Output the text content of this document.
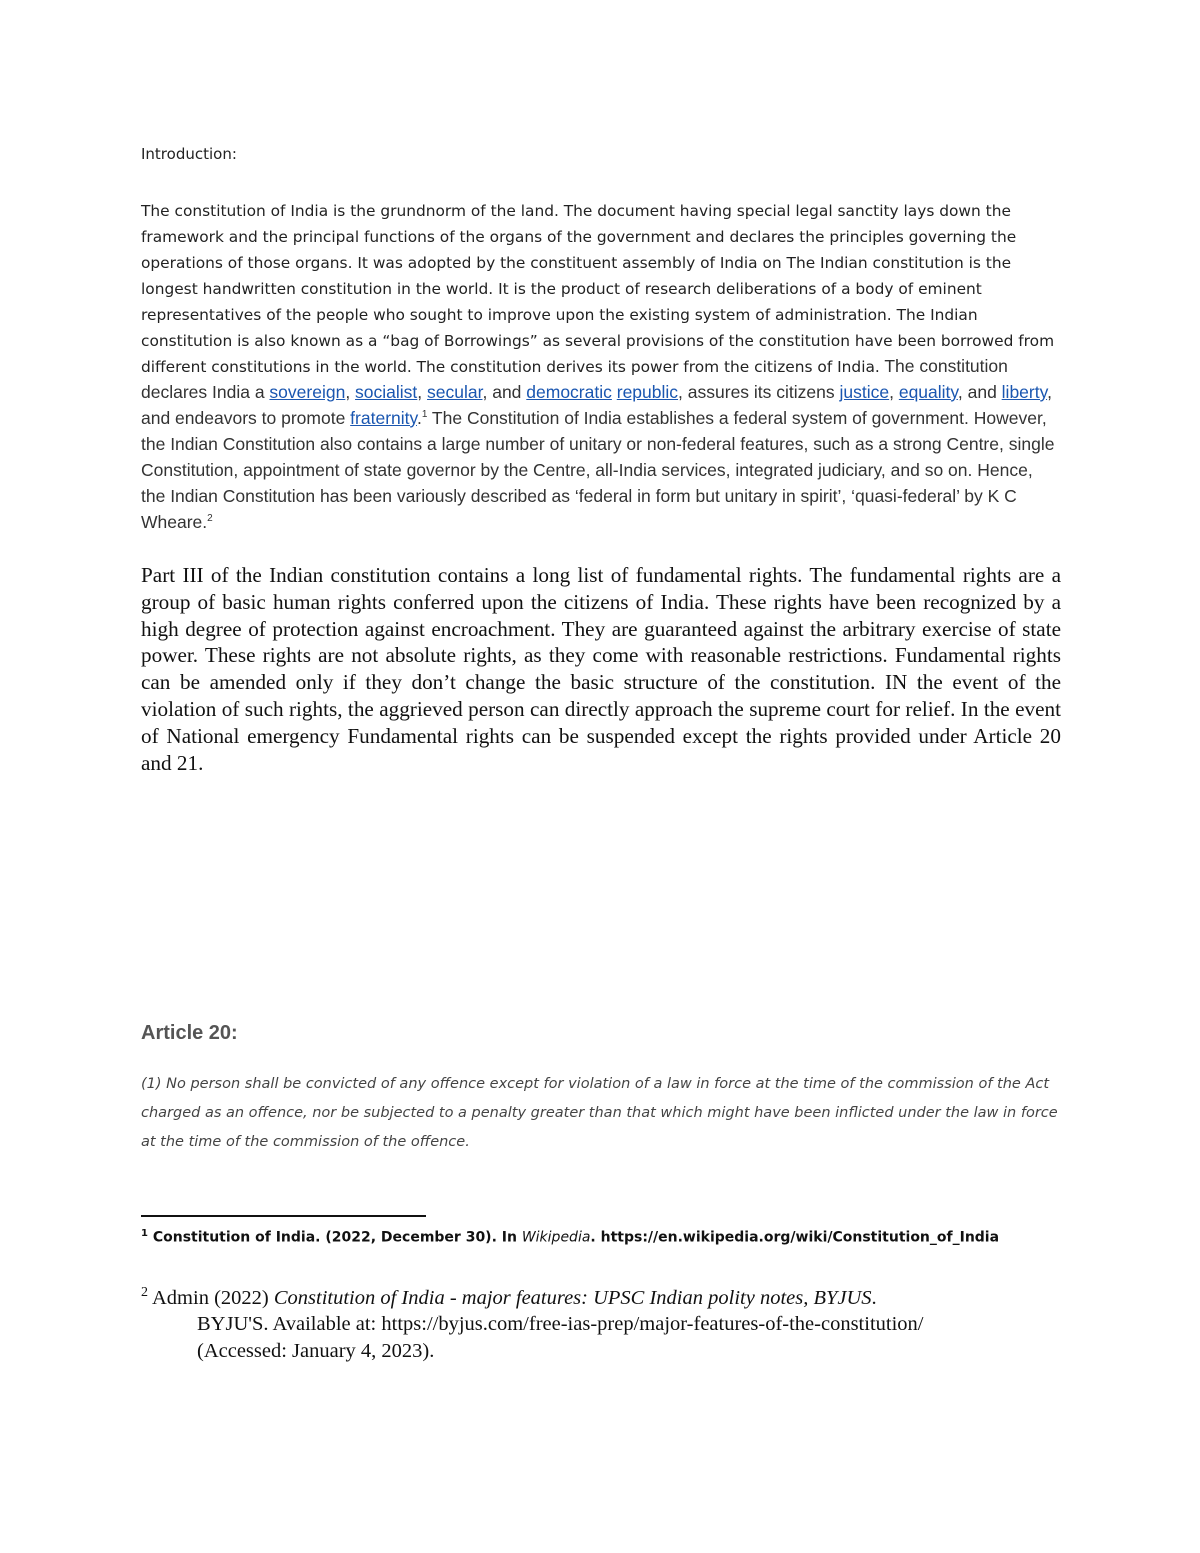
Introduction:
The constitution of India is the grundnorm of the land. The document having special legal sanctity lays down the framework and the principal functions of the organs of the government and declares the principles governing the operations of those organs. It was adopted by the constituent assembly of India on The Indian constitution is the longest handwritten constitution in the world. It is the product of research deliberations of a body of eminent representatives of the people who sought to improve upon the existing system of administration. The Indian constitution is also known as a “bag of Borrowings” as several provisions of the constitution have been borrowed from different constitutions in the world. The constitution derives its power from the citizens of India. The constitution declares India a sovereign, socialist, secular, and democratic republic, assures its citizens justice, equality, and liberty, and endeavors to promote fraternity.$^1$ The Constitution of India establishes a federal system of government. However, the Indian Constitution also contains a large number of unitary or non-federal features, such as a strong Centre, single Constitution, appointment of state governor by the Centre, all-India services, integrated judiciary, and so on. Hence, the Indian Constitution has been variously described as ‘federal in form but unitary in spirit’, ‘quasi-federal’ by K C Wheare.$^2$
Part III of the Indian constitution contains a long list of fundamental rights. The fundamental rights are a group of basic human rights conferred upon the citizens of India. These rights have been recognized by a high degree of protection against encroachment. They are guaranteed against the arbitrary exercise of state power. These rights are not absolute rights, as they come with reasonable restrictions. Fundamental rights can be amended only if they don’t change the basic structure of the constitution. IN the event of the violation of such rights, the aggrieved person can directly approach the supreme court for relief. In the event of National emergency Fundamental rights can be suspended except the rights provided under Article 20 and 21.
Article 20:
(1) No person shall be convicted of any offence except for violation of a law in force at the time of the commission of the Act charged as an offence, nor be subjected to a penalty greater than that which might have been inflicted under the law in force at the time of the commission of the offence.
$^1$ Constitution of India. (2022, December 30). In Wikipedia. https://en.wikipedia.org/wiki/Constitution_of_India
$^2$ Admin (2022) Constitution of India - major features: UPSC Indian polity notes, BYJUS.
BYJU'S. Available at: https://byjus.com/free-ias-prep/major-features-of-the-constitution/
(Accessed: January 4, 2023).
